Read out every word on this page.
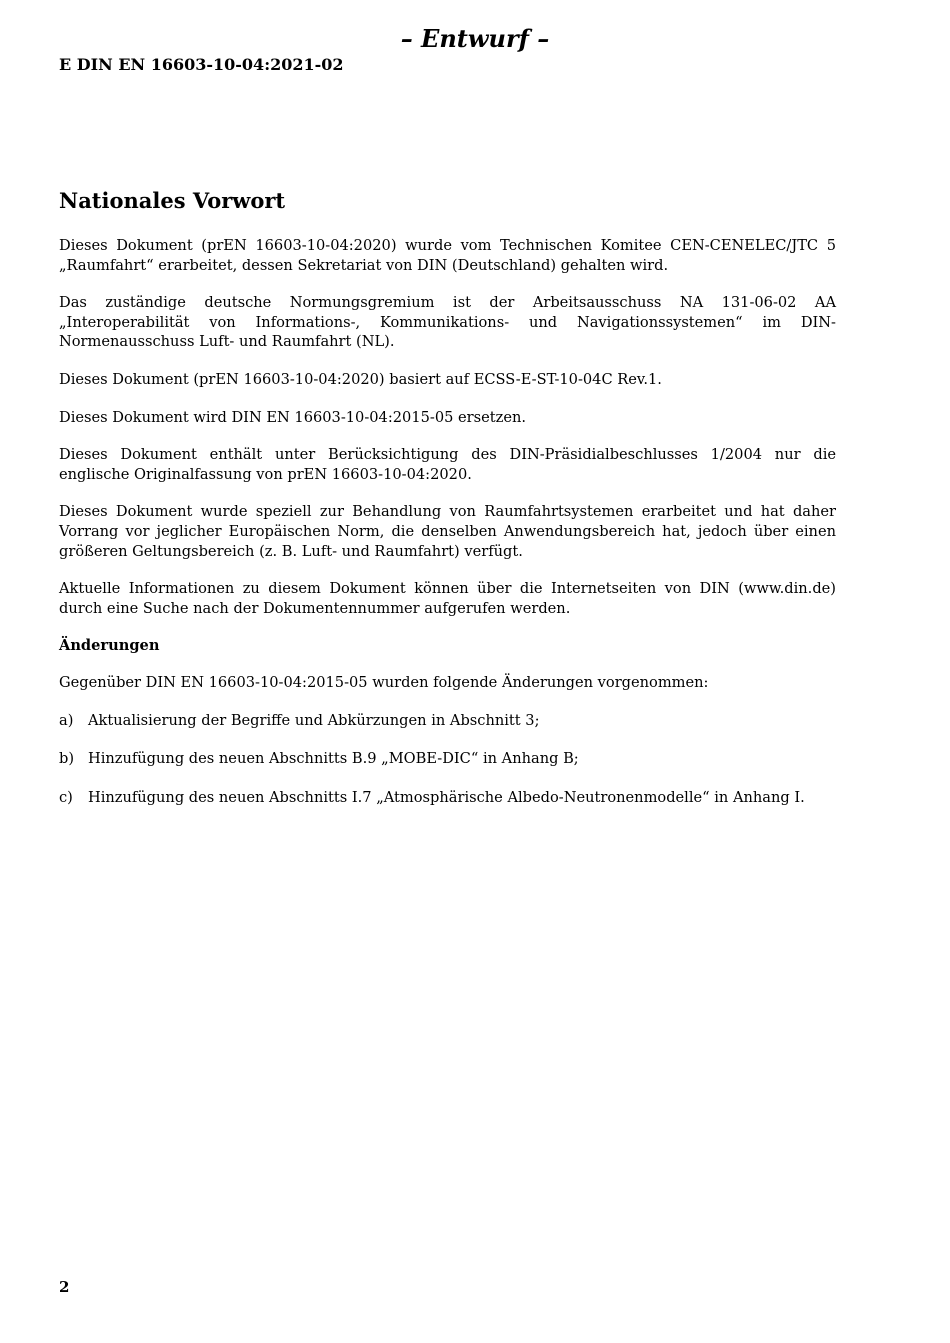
– Entwurf –
E DIN EN 16603-10-04:2021-02
Nationales Vorwort

Dieses Dokument (prEN 16603-10-04:2020) wurde vom Technischen Komitee CEN-CENELEC/JTC 5 „Raumfahrt“ erarbeitet, dessen Sekretariat von DIN (Deutschland) gehalten wird.

Das zuständige deutsche Normungsgremium ist der Arbeitsausschuss NA 131-06-02 AA „Interoperabilität von Informations-, Kommunikations- und Navigationssystemen“ im DIN-Normenausschuss Luft- und Raumfahrt (NL).

Dieses Dokument (prEN 16603-10-04:2020) basiert auf ECSS-E-ST-10-04C Rev.1.

Dieses Dokument wird DIN EN 16603-10-04:2015-05 ersetzen.

Dieses Dokument enthält unter Berücksichtigung des DIN-Präsidialbeschlusses 1/2004 nur die englische Originalfassung von prEN 16603-10-04:2020.

Dieses Dokument wurde speziell zur Behandlung von Raumfahrtsystemen erarbeitet und hat daher Vorrang vor jeglicher Europäischen Norm, die denselben Anwendungsbereich hat, jedoch über einen größeren Geltungsbereich (z. B. Luft- und Raumfahrt) verfügt.

Aktuelle Informationen zu diesem Dokument können über die Internetseiten von DIN (www.din.de) durch eine Suche nach der Dokumentennummer aufgerufen werden.

Änderungen

Gegenüber DIN EN 16603-10-04:2015-05 wurden folgende Änderungen vorgenommen:

a) Aktualisierung der Begriffe und Abkürzungen in Abschnitt 3;
b) Hinzufügung des neuen Abschnitts B.9 „MOBE-DIC“ in Anhang B;
c)	Hinzufügung des neuen Abschnitts I.7 „Atmosphärische Albedo-Neutronenmodelle“ in Anhang I.
2
